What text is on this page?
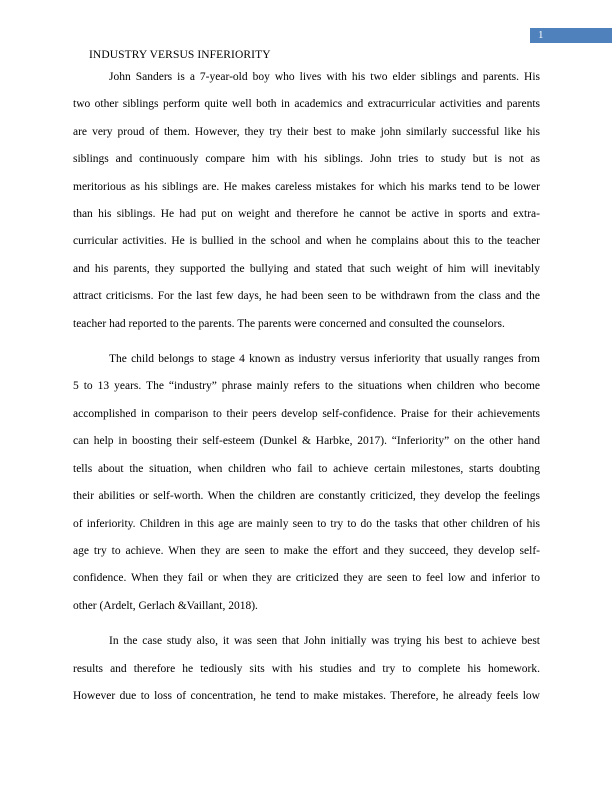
1
INDUSTRY VERSUS INFERIORITY
John Sanders is a 7-year-old boy who lives with his two elder siblings and parents. His
two other siblings perform quite well both in academics and extracurricular activities and parents
are very proud of them. However, they try their best to make john similarly successful like his
siblings and continuously compare him with his siblings. John tries to study but is not as
meritorious as his siblings are. He makes careless mistakes for which his marks tend to be lower
than his siblings. He had put on weight and therefore he cannot be active in sports and extra-
curricular activities. He is bullied in the school and when he complains about this to the teacher
and his parents, they supported the bullying and stated that such weight of him will inevitably
attract criticisms. For the last few days, he had been seen to be withdrawn from the class and the
teacher had reported to the parents. The parents were concerned and consulted the counselors.
The child belongs to stage 4 known as industry versus inferiority that usually ranges from
5 to 13 years. The “industry” phrase mainly refers to the situations when children who become
accomplished in comparison to their peers develop self-confidence. Praise for their achievements
can help in boosting their self-esteem (Dunkel & Harbke, 2017). “Inferiority” on the other hand
tells about the situation, when children who fail to achieve certain milestones, starts doubting
their abilities or self-worth. When the children are constantly criticized, they develop the feelings
of inferiority. Children in this age are mainly seen to try to do the tasks that other children of his
age try to achieve. When they are seen to make the effort and they succeed, they develop self-
confidence. When they fail or when they are criticized they are seen to feel low and inferior to
other (Ardelt, Gerlach &Vaillant, 2018).
In the case study also, it was seen that John initially was trying his best to achieve best
results and therefore he tediously sits with his studies and try to complete his homework.
However due to loss of concentration, he tend to make mistakes. Therefore, he already feels low
